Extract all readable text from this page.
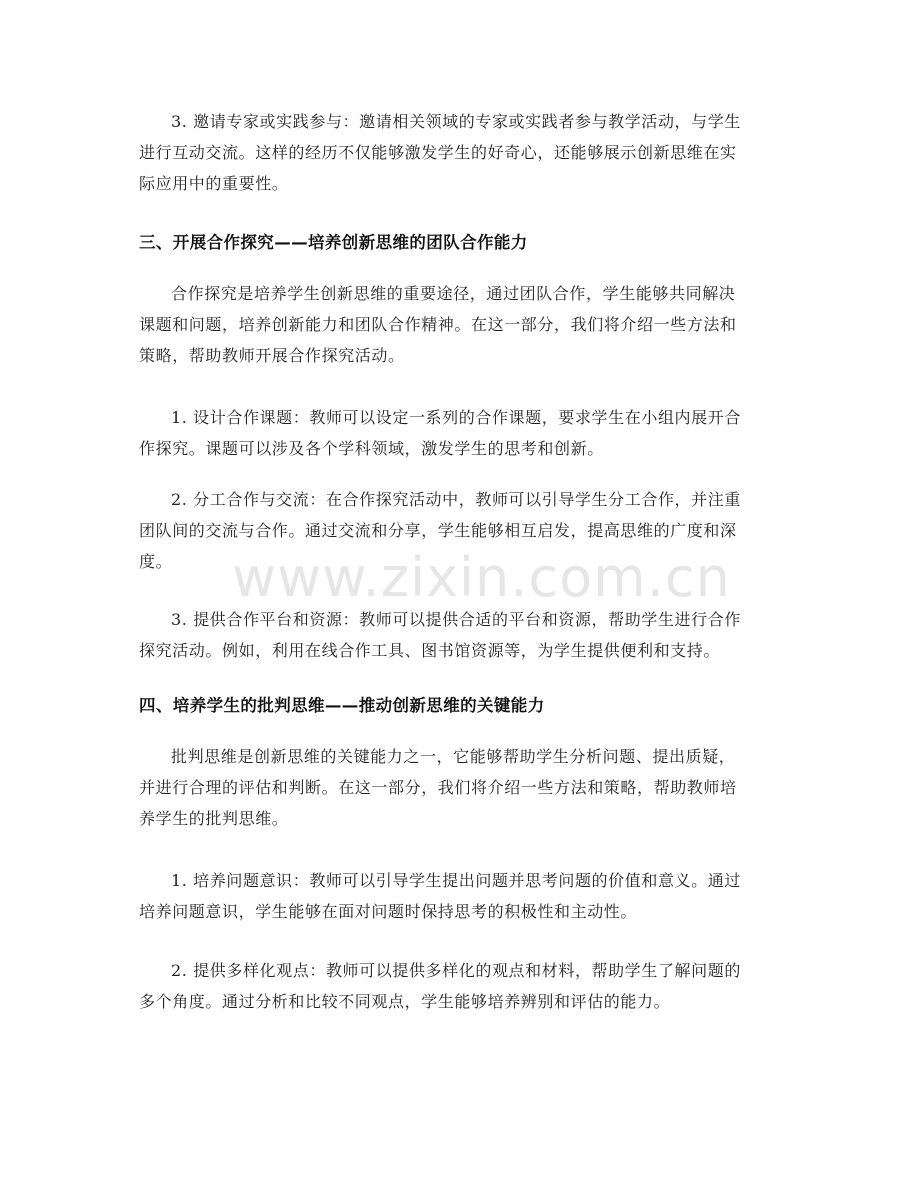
3. 邀请专家或实践参与：邀请相关领域的专家或实践者参与教学活动，与学生
进行互动交流。这样的经历不仅能够激发学生的好奇心，还能够展示创新思维在实
际应用中的重要性。
三、开展合作探究——培养创新思维的团队合作能力
合作探究是培养学生创新思维的重要途径，通过团队合作，学生能够共同解决
课题和问题，培养创新能力和团队合作精神。在这一部分，我们将介绍一些方法和
策略，帮助教师开展合作探究活动。
1. 设计合作课题：教师可以设定一系列的合作课题，要求学生在小组内展开合
作探究。课题可以涉及各个学科领域，激发学生的思考和创新。
2. 分工合作与交流：在合作探究活动中，教师可以引导学生分工合作，并注重
团队间的交流与合作。通过交流和分享，学生能够相互启发，提高思维的广度和深
度。
3. 提供合作平台和资源：教师可以提供合适的平台和资源，帮助学生进行合作
探究活动。例如，利用在线合作工具、图书馆资源等，为学生提供便利和支持。
四、培养学生的批判思维——推动创新思维的关键能力
批判思维是创新思维的关键能力之一，它能够帮助学生分析问题、提出质疑，
并进行合理的评估和判断。在这一部分，我们将介绍一些方法和策略，帮助教师培
养学生的批判思维。
1. 培养问题意识：教师可以引导学生提出问题并思考问题的价值和意义。通过
培养问题意识，学生能够在面对问题时保持思考的积极性和主动性。
2. 提供多样化观点：教师可以提供多样化的观点和材料，帮助学生了解问题的
多个角度。通过分析和比较不同观点，学生能够培养辨别和评估的能力。
www.zixin.com.cn
